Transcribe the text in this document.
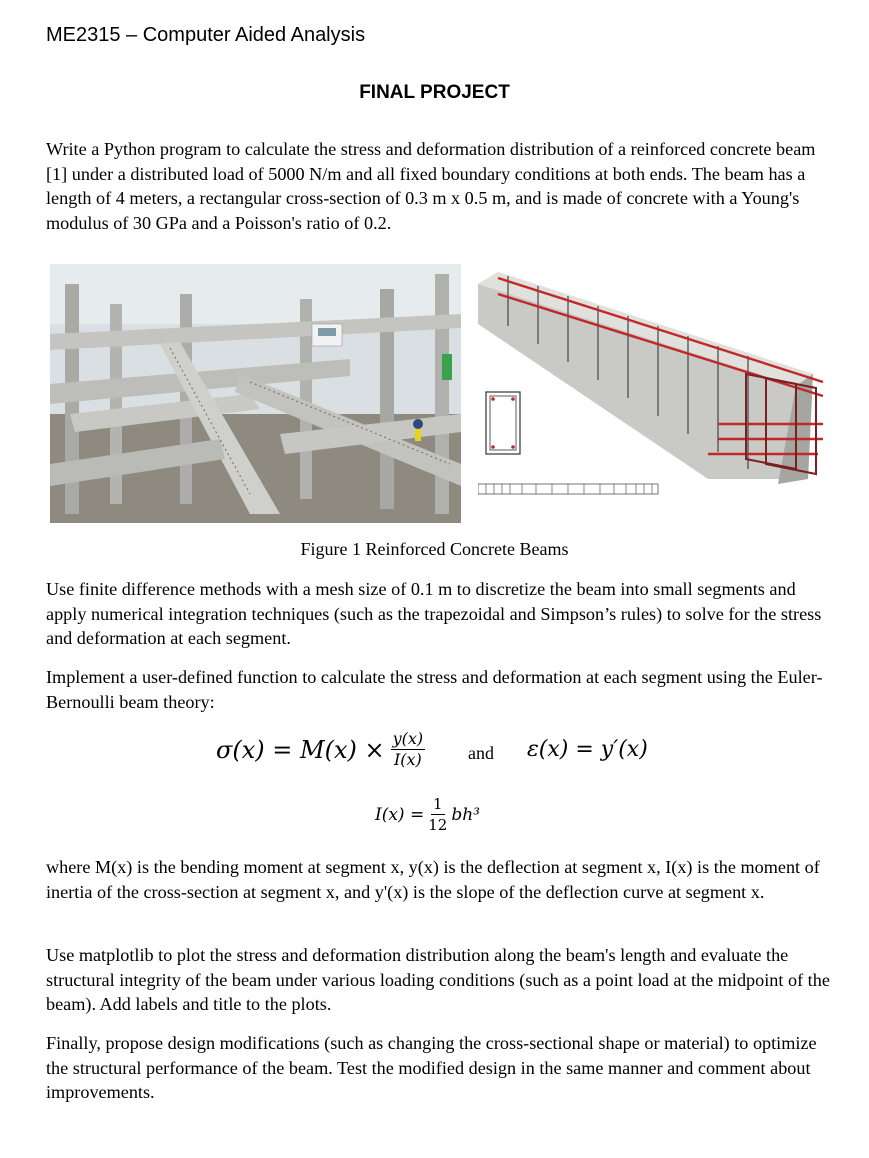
ME2315 – Computer Aided Analysis
FINAL PROJECT

Write a Python program to calculate the stress and deformation distribution of a reinforced concrete beam [1] under a distributed load of 5000 N/m and all fixed boundary conditions at both ends. The beam has a length of 4 meters, a rectangular cross-section of 0.3 m x 0.5 m, and is made of concrete with a Young's modulus of 30 GPa and a Poisson's ratio of 0.2.

Figure 1 Reinforced Concrete Beams

Use finite difference methods with a mesh size of 0.1 m to discretize the beam into small segments and apply numerical integration techniques (such as the trapezoidal and Simpson’s rules) to solve for the stress and deformation at each segment.

Implement a user-defined function to calculate the stress and deformation at each segment using the Euler-Bernoulli beam theory:

$\sigma(x) = M(x) \times \frac{y(x)}{I(x)}$ and ε(x) = y′(x)
$I(x) = \frac{1}{12} bh^3$

where M(x) is the bending moment at segment x, y(x) is the deflection at segment x, I(x) is the moment of inertia of the cross-section at segment x, and y'(x) is the slope of the deflection curve at segment x.

Use matplotlib to plot the stress and deformation distribution along the beam's length and evaluate the structural integrity of the beam under various loading conditions (such as a point load at the midpoint of the beam). Add labels and title to the plots.

Finally, propose design modifications (such as changing the cross-sectional shape or material) to optimize the structural performance of the beam. Test the modified design in the same manner and comment about improvements.
